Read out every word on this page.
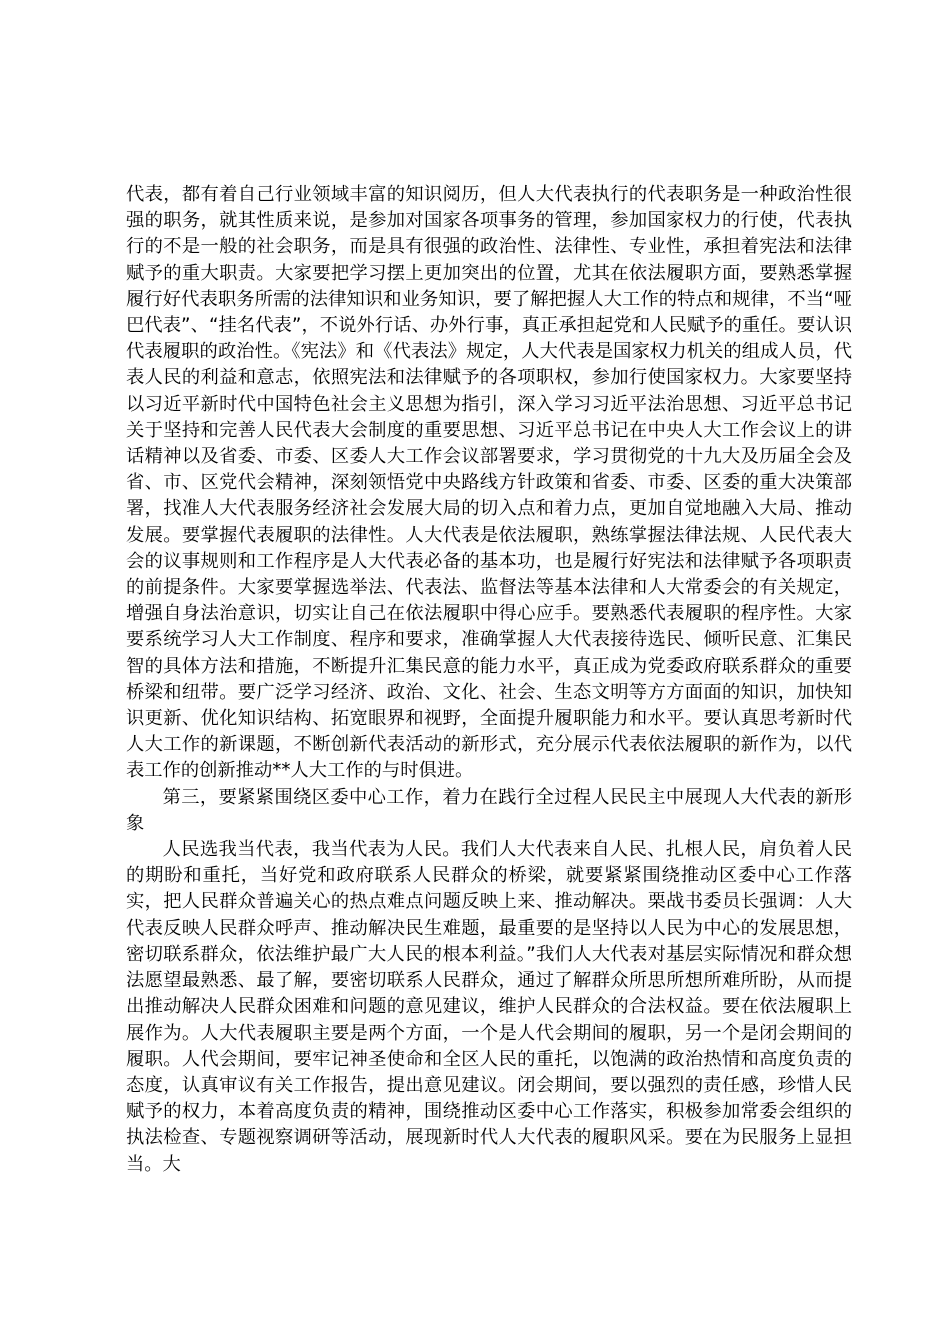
代表，都有着自己行业领域丰富的知识阅历，但人大代表执行的代表职务是一种政治性很强的职务，就其性质来说，是参加对国家各项事务的管理，参加国家权力的行使，代表执行的不是一般的社会职务，而是具有很强的政治性、法律性、专业性，承担着宪法和法律赋予的重大职责。大家要把学习摆上更加突出的位置，尤其在依法履职方面，要熟悉掌握履行好代表职务所需的法律知识和业务知识，要了解把握人大工作的特点和规律，不当“哑巴代表”、“挂名代表”，不说外行话、办外行事，真正承担起党和人民赋予的重任。要认识代表履职的政治性。《宪法》和《代表法》规定，人大代表是国家权力机关的组成人员，代表人民的利益和意志，依照宪法和法律赋予的各项职权，参加行使国家权力。大家要坚持以习近平新时代中国特色社会主义思想为指引，深入学习习近平法治思想、习近平总书记关于坚持和完善人民代表大会制度的重要思想、习近平总书记在中央人大工作会议上的讲话精神以及省委、市委、区委人大工作会议部署要求，学习贯彻党的十九大及历届全会及省、市、区党代会精神，深刻领悟党中央路线方针政策和省委、市委、区委的重大决策部署，找准人大代表服务经济社会发展大局的切入点和着力点，更加自觉地融入大局、推动发展。要掌握代表履职的法律性。人大代表是依法履职，熟练掌握法律法规、人民代表大会的议事规则和工作程序是人大代表必备的基本功，也是履行好宪法和法律赋予各项职责的前提条件。大家要掌握选举法、代表法、监督法等基本法律和人大常委会的有关规定，增强自身法治意识，切实让自己在依法履职中得心应手。要熟悉代表履职的程序性。大家要系统学习人大工作制度、程序和要求，准确掌握人大代表接待选民、倾听民意、汇集民智的具体方法和措施，不断提升汇集民意的能力水平，真正成为党委政府联系群众的重要桥梁和纽带。要广泛学习经济、政治、文化、社会、生态文明等方方面面的知识，加快知识更新、优化知识结构、拓宽眼界和视野，全面提升履职能力和水平。要认真思考新时代人大工作的新课题，不断创新代表活动的新形式，充分展示代表依法履职的新作为，以代表工作的创新推动**人大工作的与时俱进。

第三，要紧紧围绕区委中心工作，着力在践行全过程人民民主中展现人大代表的新形象

人民选我当代表，我当代表为人民。我们人大代表来自人民、扎根人民，肩负着人民的期盼和重托，当好党和政府联系人民群众的桥梁，就要紧紧围绕推动区委中心工作落实，把人民群众普遍关心的热点难点问题反映上来、推动解决。栗战书委员长强调：人大代表反映人民群众呼声、推动解决民生难题，最重要的是坚持以人民为中心的发展思想，密切联系群众，依法维护最广大人民的根本利益。”我们人大代表对基层实际情况和群众想法愿望最熟悉、最了解，要密切联系人民群众，通过了解群众所思所想所难所盼，从而提出推动解决人民群众困难和问题的意见建议，维护人民群众的合法权益。要在依法履职上展作为。人大代表履职主要是两个方面，一个是人代会期间的履职，另一个是闭会期间的履职。人代会期间，要牢记神圣使命和全区人民的重托，以饱满的政治热情和高度负责的态度，认真审议有关工作报告，提出意见建议。闭会期间，要以强烈的责任感，珍惜人民赋予的权力，本着高度负责的精神，围绕推动区委中心工作落实，积极参加常委会组织的执法检查、专题视察调研等活动，展现新时代人大代表的履职风采。要在为民服务上显担当。大
